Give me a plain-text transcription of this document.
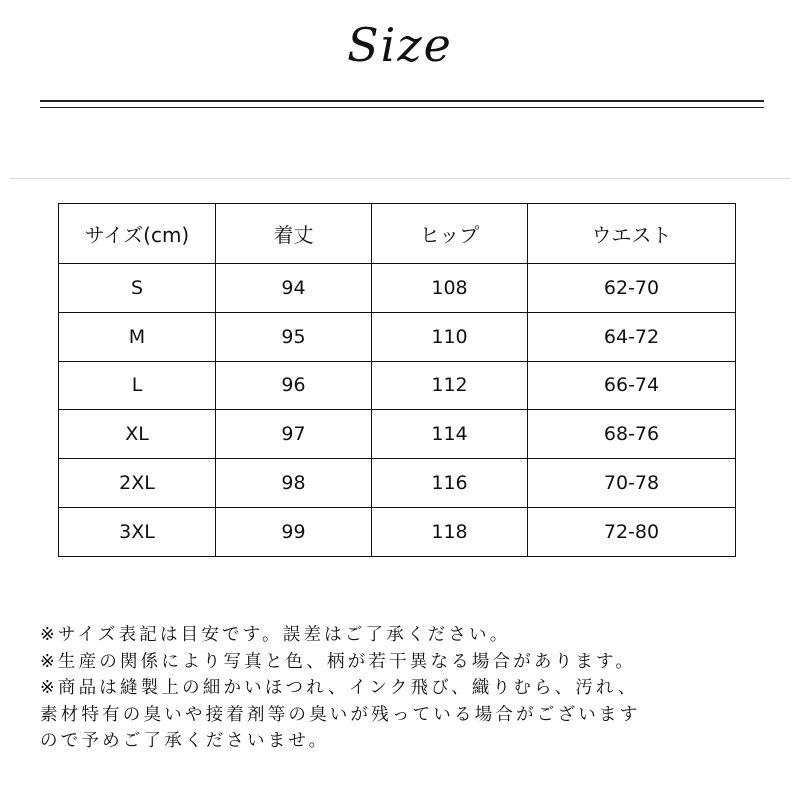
Size
サイズ(cm)	着丈	ヒップ	ウエスト
S	94	108	62-70
M	95	110	64-72
L	96	112	66-74
XL	97	114	68-76
2XL	98	116	70-78
3XL	99	118	72-80
※サイズ表記は目安です。誤差はご了承ください。
※生産の関係により写真と色、柄が若干異なる場合があります。
※商品は縫製上の細かいほつれ、インク飛び、織りむら、汚れ、
素材特有の臭いや接着剤等の臭いが残っている場合がございます
ので予めご了承くださいませ。
